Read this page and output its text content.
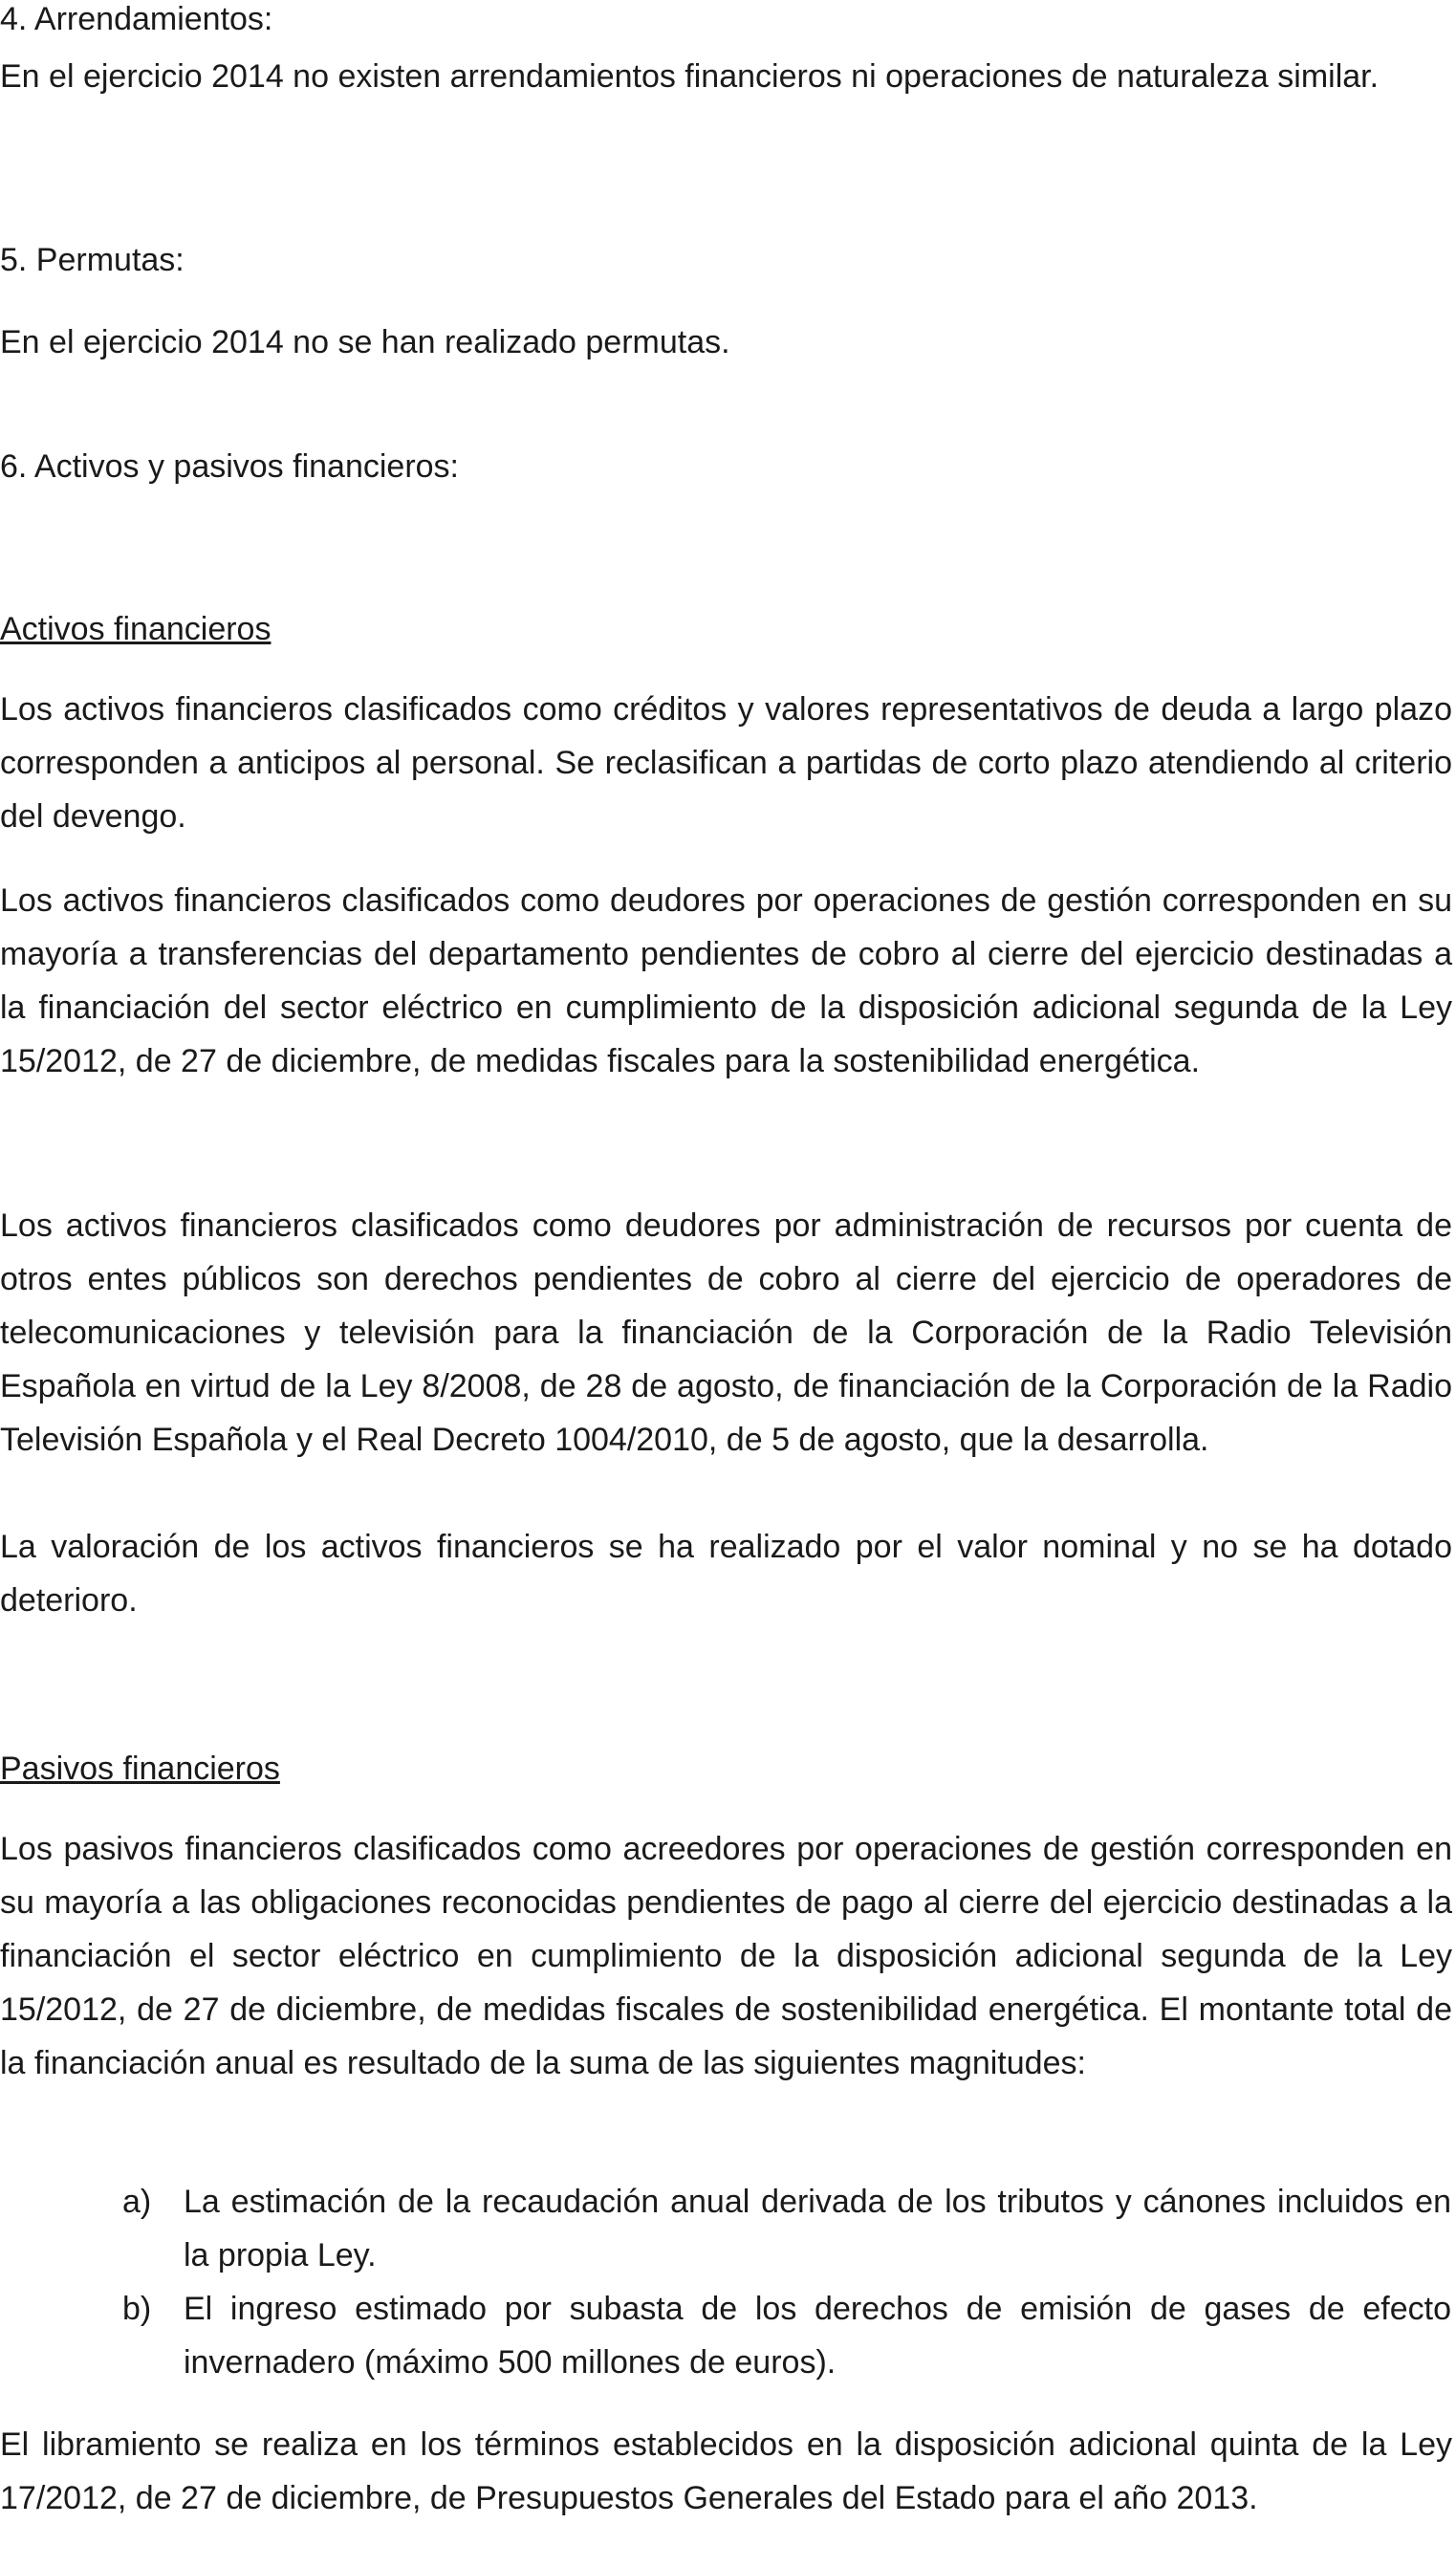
4. Arrendamientos:
En el ejercicio 2014 no existen arrendamientos financieros ni operaciones de naturaleza similar.
5. Permutas:
En el ejercicio 2014 no se han realizado permutas.
6. Activos y pasivos financieros:
Activos financieros
Los activos financieros clasificados como créditos y valores representativos de deuda a largo plazo corresponden a anticipos al personal. Se reclasifican a partidas de corto plazo atendiendo al criterio del devengo.
Los activos financieros clasificados como deudores por operaciones de gestión corresponden en su mayoría a transferencias del departamento pendientes de cobro al cierre del ejercicio destinadas a la financiación del sector eléctrico en cumplimiento de la disposición adicional segunda de la Ley 15/2012, de 27 de diciembre, de medidas fiscales para la sostenibilidad energética.
Los activos financieros clasificados como deudores por administración de recursos por cuenta de otros entes públicos son derechos pendientes de cobro al cierre del ejercicio de operadores de telecomunicaciones y televisión para la financiación de la Corporación de la Radio Televisión Española en virtud de la Ley 8/2008, de 28 de agosto, de financiación de la Corporación de la Radio Televisión Española y el Real Decreto 1004/2010, de 5 de agosto, que la desarrolla.
La valoración de los activos financieros se ha realizado por el valor nominal y no se ha dotado deterioro.
Pasivos financieros
Los pasivos financieros clasificados como acreedores por operaciones de gestión corresponden en su mayoría a las obligaciones reconocidas pendientes de pago al cierre del ejercicio destinadas a la financiación el sector eléctrico en cumplimiento de la disposición adicional segunda de la Ley 15/2012, de 27 de diciembre, de medidas fiscales de sostenibilidad energética. El montante total de la financiación anual es resultado de la suma de las siguientes magnitudes:
a) La estimación de la recaudación anual derivada de los tributos y cánones incluidos en la propia Ley.
b) El ingreso estimado por subasta de los derechos de emisión de gases de efecto invernadero (máximo 500 millones de euros).
El libramiento se realiza en los términos establecidos en la disposición adicional quinta de la Ley 17/2012, de 27 de diciembre, de Presupuestos Generales del Estado para el año 2013.
